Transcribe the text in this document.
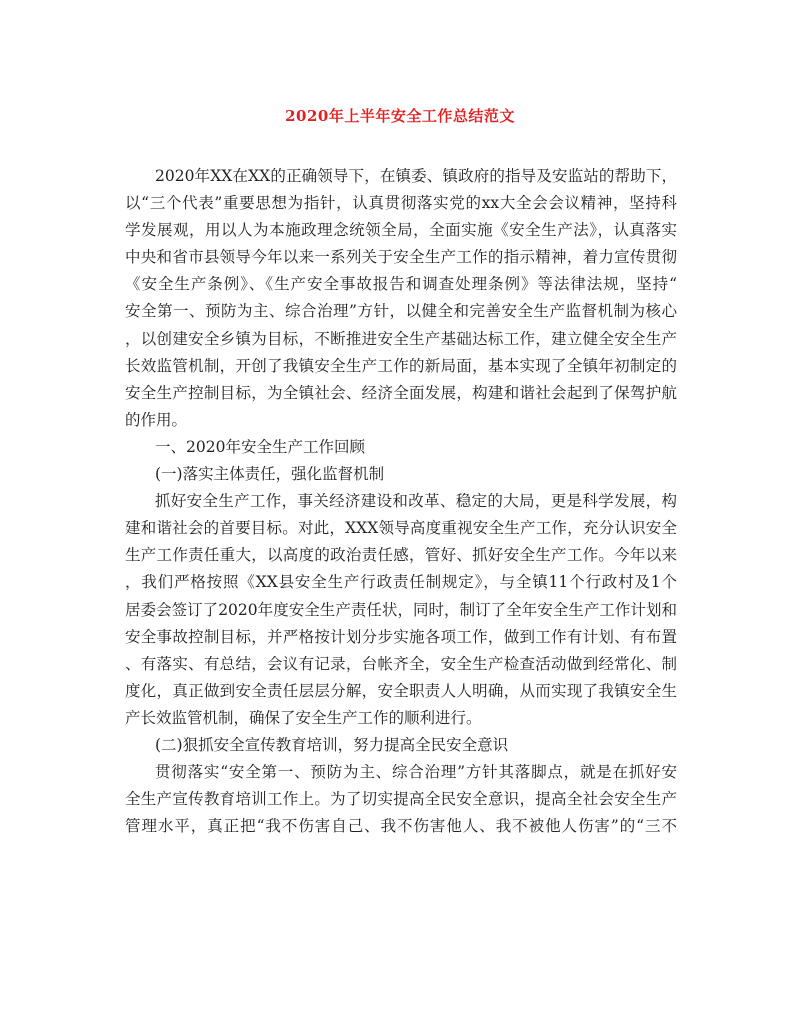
2020年上半年安全工作总结范文
2020年XX在XX的正确领导下，在镇委、镇政府的指导及安监站的帮助下，
以“三个代表”重要思想为指针，认真贯彻落实党的xx大全会会议精神，坚持科
学发展观，用以人为本施政理念统领全局，全面实施《安全生产法》，认真落实
中央和省市县领导今年以来一系列关于安全生产工作的指示精神，着力宣传贯彻
《安全生产条例》、《生产安全事故报告和调查处理条例》等法律法规，坚持“
安全第一、预防为主、综合治理”方针，以健全和完善安全生产监督机制为核心
，以创建安全乡镇为目标，不断推进安全生产基础达标工作，建立健全安全生产
长效监管机制，开创了我镇安全生产工作的新局面，基本实现了全镇年初制定的
安全生产控制目标，为全镇社会、经济全面发展，构建和谐社会起到了保驾护航
的作用。
一、2020年安全生产工作回顾
(一)落实主体责任，强化监督机制
抓好安全生产工作，事关经济建设和改革、稳定的大局，更是科学发展，构
建和谐社会的首要目标。对此，XXX领导高度重视安全生产工作，充分认识安全
生产工作责任重大，以高度的政治责任感，管好、抓好安全生产工作。今年以来
，我们严格按照《XX县安全生产行政责任制规定》，与全镇11个行政村及1个
居委会签订了2020年度安全生产责任状，同时，制订了全年安全生产工作计划和
安全事故控制目标，并严格按计划分步实施各项工作，做到工作有计划、有布置
、有落实、有总结，会议有记录，台帐齐全，安全生产检查活动做到经常化、制
度化，真正做到安全责任层层分解，安全职责人人明确，从而实现了我镇安全生
产长效监管机制，确保了安全生产工作的顺利进行。
(二)狠抓安全宣传教育培训，努力提高全民安全意识
贯彻落实“安全第一、预防为主、综合治理”方针其落脚点，就是在抓好安
全生产宣传教育培训工作上。为了切实提高全民安全意识，提高全社会安全生产
管理水平，真正把“我不伤害自己、我不伤害他人、我不被他人伤害”的“三不
